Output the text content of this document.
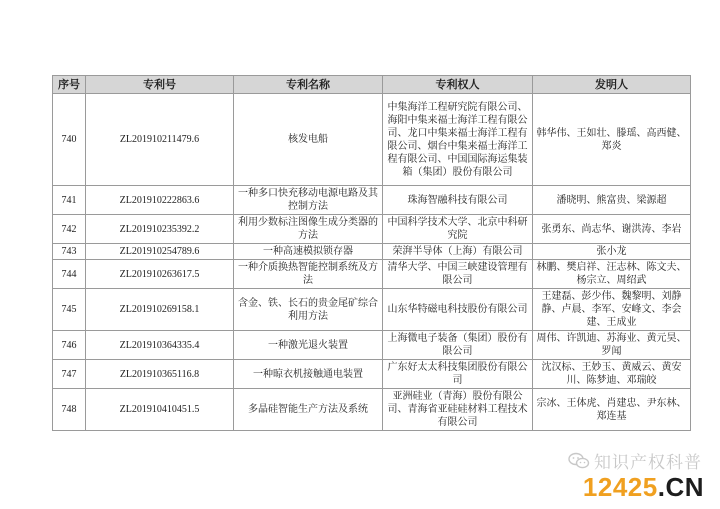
序号	专利号	专利名称	专利权人	发明人
740	ZL201910211479.6	核发电船	中集海洋工程研究院有限公司、海阳中集来福士海洋工程有限公司、龙口中集来福士海洋工程有限公司、烟台中集来福士海洋工程有限公司、中国国际海运集装箱（集团）股份有限公司	韩华伟、王如壮、滕瑶、高西健、郑炎
741	ZL201910222863.6	一种多口快充移动电源电路及其控制方法	珠海智融科技有限公司	潘晓明、熊富贵、梁源超
742	ZL201910235392.2	利用少数标注图像生成分类器的方法	中国科学技术大学、北京中科研究院	张勇东、尚志华、谢洪涛、李岩
743	ZL201910254789.6	一种高速模拟锁存器	荣湃半导体（上海）有限公司	张小龙
744	ZL201910263617.5	一种介质换热智能控制系统及方法	清华大学、中国三峡建设管理有限公司	林鹏、樊启祥、汪志林、陈文夫、杨宗立、周绍武
745	ZL201910269158.1	含金、铁、长石的贵金尾矿综合利用方法	山东华特磁电科技股份有限公司	王建磊、彭少伟、魏黎明、刘静静、卢晨、李军、安峰文、李会建、王成业
746	ZL201910364335.4	一种激光退火装置	上海微电子装备（集团）股份有限公司	周伟、许凯迪、苏海业、黄元昊、罗闻
747	ZL201910365116.8	一种晾衣机接触通电装置	广东好太太科技集团股份有限公司	沈汉标、王妙玉、黄威云、黄安川、陈梦迪、邓瑞皎
748	ZL201910410451.5	多晶硅智能生产方法及系统	亚洲硅业（青海）股份有限公司、青海省亚硅硅材料工程技术有限公司	宗冰、王体虎、肖建忠、尹东林、郑连基
知识产权科普
12425.CN
